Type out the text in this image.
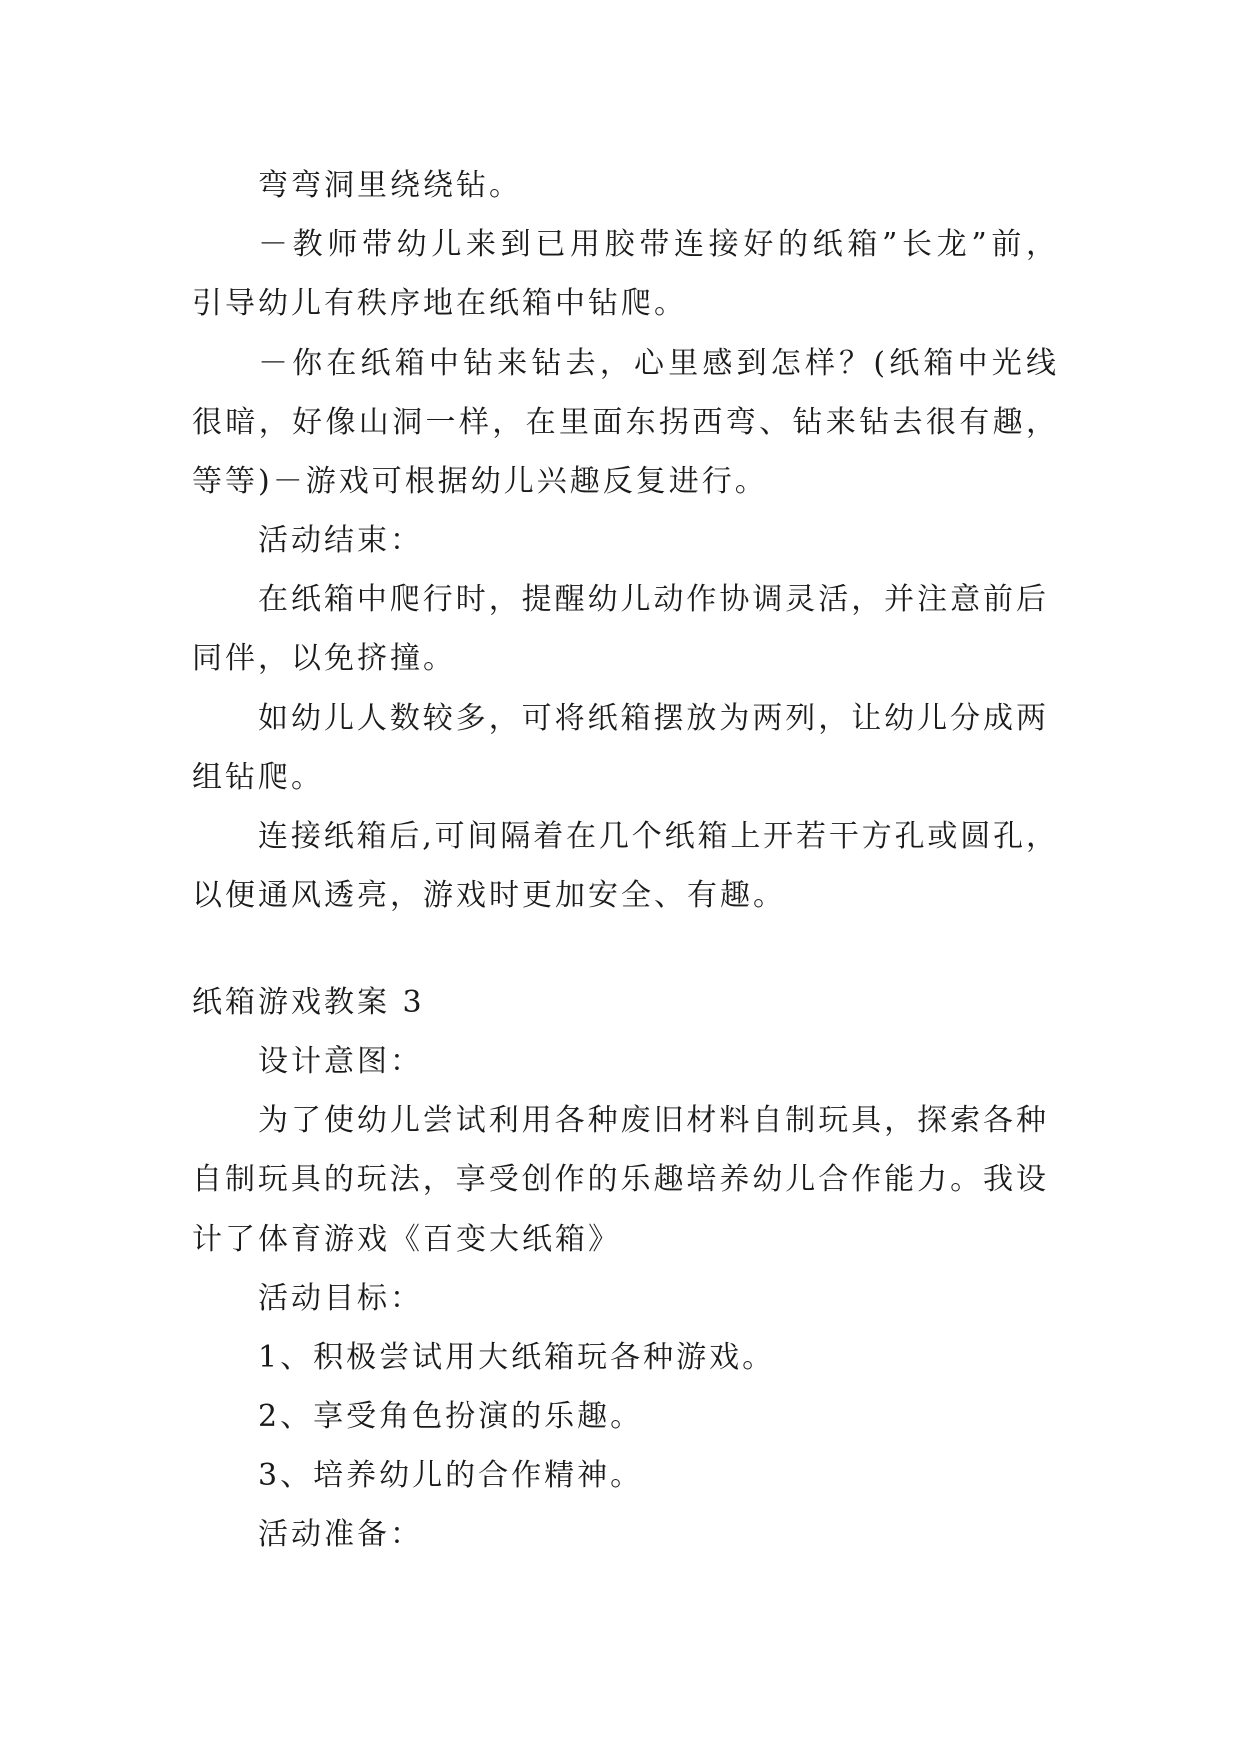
弯弯洞里绕绕钻。
－教师带幼儿来到已用胶带连接好的纸箱”长龙”前，
引导幼儿有秩序地在纸箱中钻爬。
－你在纸箱中钻来钻去，心里感到怎样？(纸箱中光线
很暗，好像山洞一样，在里面东拐西弯、钻来钻去很有趣，
等等)－游戏可根据幼儿兴趣反复进行。
活动结束：
在纸箱中爬行时，提醒幼儿动作协调灵活，并注意前后
同伴，以免挤撞。
如幼儿人数较多，可将纸箱摆放为两列，让幼儿分成两
组钻爬。
连接纸箱后,可间隔着在几个纸箱上开若干方孔或圆孔，
以便通风透亮，游戏时更加安全、有趣。
纸箱游戏教案 3
设计意图：
为了使幼儿尝试利用各种废旧材料自制玩具，探索各种
自制玩具的玩法，享受创作的乐趣培养幼儿合作能力。我设
计了体育游戏《百变大纸箱》
活动目标：
1、积极尝试用大纸箱玩各种游戏。
2、享受角色扮演的乐趣。
3、培养幼儿的合作精神。
活动准备：
